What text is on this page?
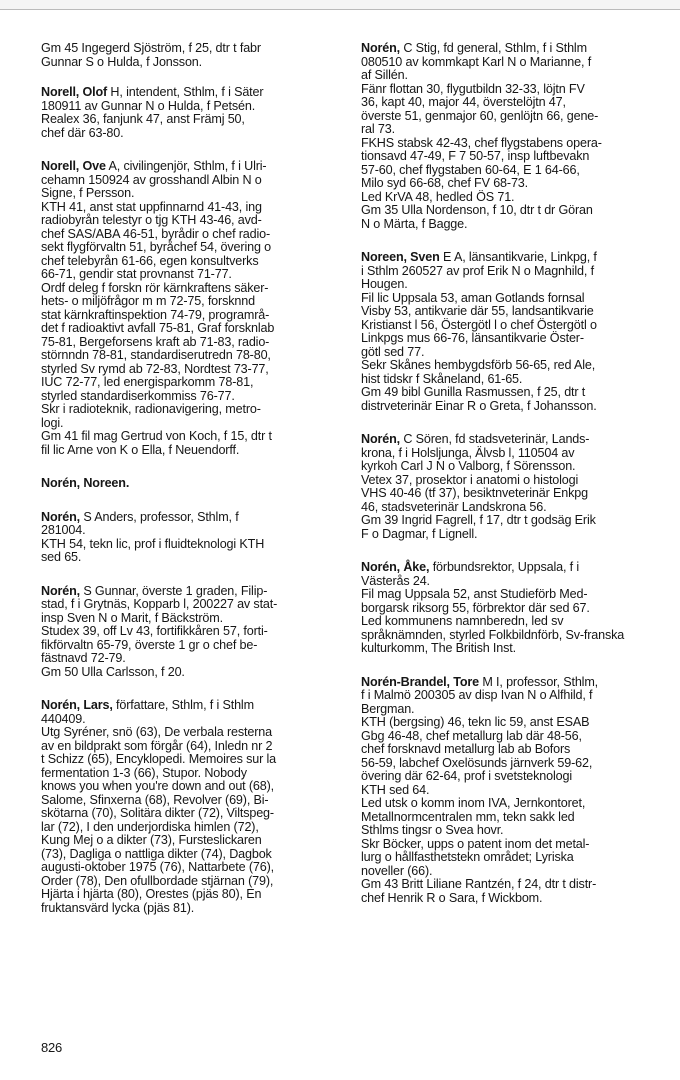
Gm 45 Ingegerd Sjöström, f 25, dtr t fabr
Gunnar S o Hulda, f Jonsson.
Norell, Olof H, intendent, Sthlm, f i Säter
180911 av Gunnar N o Hulda, f Petsén.
Realex 36, fanjunk 47, anst Främj 50,
chef där 63-80.
Norell, Ove A, civilingenjör, Sthlm, f i Ulri-
cehamn 150924 av grosshandl Albin N o
Signe, f Persson.
KTH 41, anst stat uppfinnarnd 41-43, ing
radiobyrån telestyr o tjg KTH 43-46, avd-
chef SAS/ABA 46-51, byrådir o chef radio-
sekt flygförvaltn 51, byråchef 54, övering o
chef telebyrån 61-66, egen konsultverks
66-71, gendir stat provnanst 71-77.
Ordf deleg f forskn rör kärnkraftens säker-
hets- o miljöfrågor m m 72-75, forsknnd
stat kärnkraftinspektion 74-79, programrå-
det f radioaktivt avfall 75-81, Graf forsknlab
75-81, Bergeforsens kraft ab 71-83, radio-
störnndn 78-81, standardiserutredn 78-80,
styrled Sv rymd ab 72-83, Nordtest 73-77,
IUC 72-77, led energisparkomm 78-81,
styrled standardiserkommiss 76-77.
Skr i radioteknik, radionavigering, metro-
logi.
Gm 41 fil mag Gertrud von Koch, f 15, dtr t
fil lic Arne von K o Ella, f Neuendorff.
Norén, Noreen.
Norén, S Anders, professor, Sthlm, f
281004.
KTH 54, tekn lic, prof i fluidteknologi KTH
sed 65.
Norén, S Gunnar, överste 1 graden, Filip-
stad, f i Grytnäs, Kopparb l, 200227 av stat-
insp Sven N o Marit, f Bäckström.
Studex 39, off Lv 43, fortifikkåren 57, forti-
fikförvaltn 65-79, överste 1 gr o chef be-
fästnavd 72-79.
Gm 50 Ulla Carlsson, f 20.
Norén, Lars, författare, Sthlm, f i Sthlm
440409.
Utg Syréner, snö (63), De verbala resterna
av en bildprakt som förgår (64), Inledn nr 2
t Schizz (65), Encyklopedi. Memoires sur la
fermentation 1-3 (66), Stupor. Nobody
knows you when you're down and out (68),
Salome, Sfinxerna (68), Revolver (69), Bi-
skötarna (70), Solitära dikter (72), Viltspeg-
lar (72), I den underjordiska himlen (72),
Kung Mej o a dikter (73), Fursteslickaren
(73), Dagliga o nattliga dikter (74), Dagbok
augusti-oktober 1975 (76), Nattarbete (76),
Order (78), Den ofullbordade stjärnan (79),
Hjärta i hjärta (80), Orestes (pjäs 80), En
fruktansvärd lycka (pjäs 81).
Norén, C Stig, fd general, Sthlm, f i Sthlm
080510 av kommkapt Karl N o Marianne, f
af Sillén.
Fänr flottan 30, flygutbildn 32-33, löjtn FV
36, kapt 40, major 44, överstelöjtn 47,
överste 51, genmajor 60, genlöjtn 66, gene-
ral 73.
FKHS stabsk 42-43, chef flygstabens opera-
tionsavd 47-49, F 7 50-57, insp luftbevakn
57-60, chef flygstaben 60-64, E 1 64-66,
Milo syd 66-68, chef FV 68-73.
Led KrVA 48, hedled ÖS 71.
Gm 35 Ulla Nordenson, f 10, dtr t dr Göran
N o Märta, f Bagge.
Noreen, Sven E A, länsantikvarie, Linkpg, f
i Sthlm 260527 av prof Erik N o Magnhild, f
Hougen.
Fil lic Uppsala 53, aman Gotlands fornsal
Visby 53, antikvarie där 55, landsantikvarie
Kristianst l 56, Östergötl l o chef Östergötl o
Linkpgs mus 66-76, länsantikvarie Öster-
götl sed 77.
Sekr Skånes hembygdsförb 56-65, red Ale,
hist tidskr f Skåneland, 61-65.
Gm 49 bibl Gunilla Rasmussen, f 25, dtr t
distrveterinär Einar R o Greta, f Johansson.
Norén, C Sören, fd stadsveterinär, Lands-
krona, f i Holsljunga, Älvsb l, 110504 av
kyrkoh Carl J N o Valborg, f Sörensson.
Vetex 37, prosektor i anatomi o histologi
VHS 40-46 (tf 37), besiktnveterinär Enkpg
46, stadsveterinär Landskrona 56.
Gm 39 Ingrid Fagrell, f 17, dtr t godsäg Erik
F o Dagmar, f Lignell.
Norén, Åke, förbundsrektor, Uppsala, f i
Västerås 24.
Fil mag Uppsala 52, anst Studieförb Med-
borgarsk riksorg 55, förbrektor där sed 67.
Led kommunens namnberedn, led sv
språknämnden, styrled Folkbildnförb, Sv-franska
kulturkomm, The British Inst.
Norén-Brandel, Tore M I, professor, Sthlm,
f i Malmö 200305 av disp Ivan N o Alfhild, f
Bergman.
KTH (bergsing) 46, tekn lic 59, anst ESAB
Gbg 46-48, chef metallurg lab där 48-56,
chef forsknavd metallurg lab ab Bofors
56-59, labchef Oxelösunds järnverk 59-62,
övering där 62-64, prof i svetsteknologi
KTH sed 64.
Led utsk o komm inom IVA, Jernkontoret,
Metallnormcentralen mm, tekn sakk led
Sthlms tingsr o Svea hovr.
Skr Böcker, upps o patent inom det metal-
lurg o hållfasthetstekn området; Lyriska
noveller (66).
Gm 43 Britt Liliane Rantzén, f 24, dtr t distr-
chef Henrik R o Sara, f Wickbom.
826
